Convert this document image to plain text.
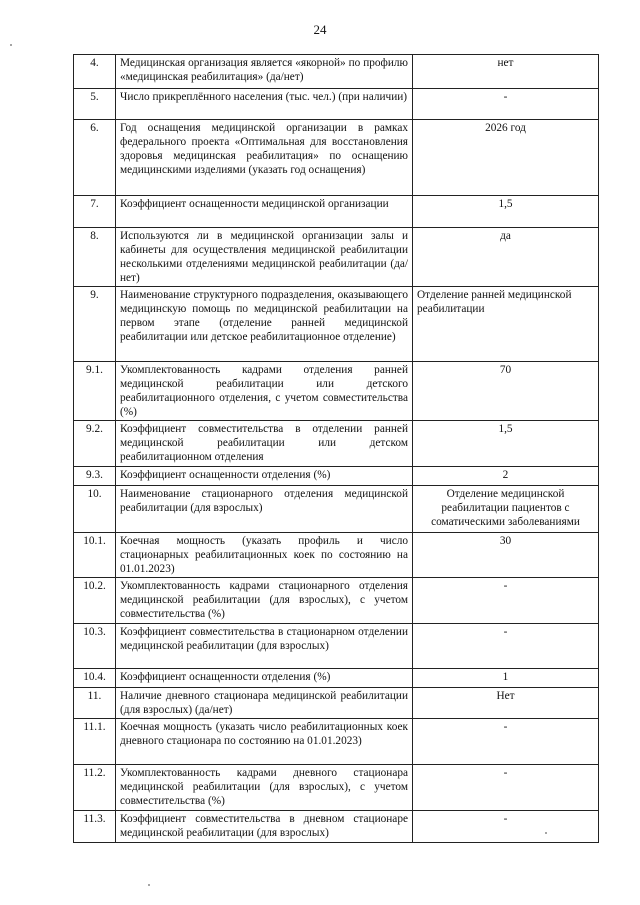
24
4.	Медицинская организация является «якорной» по профилю «медицинская реабилитация» (да/нет)	нет
5.	Число прикреплённого населения (тыс. чел.) (при наличии)	-
6.	Год оснащения медицинской организации в рамках федерального проекта «Оптимальная для восстановления здоровья медицинская реабилитация» по оснащению медицинскими изделиями (указать год оснащения)	2026 год
7.	Коэффициент оснащенности медицинской организации	1,5
8.	Используются ли в медицинской организации залы и кабинеты для осуществления медицинской реабилитации несколькими отделениями медицинской реабилитации (да/нет)	да
9.	Наименование структурного подразделения, оказывающего медицинскую помощь по медицинской реабилитации на первом этапе (отделение ранней медицинской реабилитации или детское реабилитационное отделение)	Отделение ранней медицинской реабилитации
9.1.	Укомплектованность кадрами отделения ранней медицинской реабилитации или детского реабилитационного отделения, с учетом совместительства (%)	70
9.2.	Коэффициент совместительства в отделении ранней медицинской реабилитации или детском реабилитационном отделения	1,5
9.3.	Коэффициент оснащенности отделения (%)	2
10.	Наименование стационарного отделения медицинской реабилитации (для взрослых)	Отделение медицинской реабилитации пациентов с соматическими заболеваниями
10.1.	Коечная мощность (указать профиль и число стационарных реабилитационных коек по состоянию на 01.01.2023)	30
10.2.	Укомплектованность кадрами стационарного отделения медицинской реабилитации (для взрослых), с учетом совместительства (%)	-
10.3.	Коэффициент совместительства в стационарном отделении медицинской реабилитации (для взрослых)	-
10.4.	Коэффициент оснащенности отделения (%)	1
11.	Наличие дневного стационара медицинской реабилитации (для взрослых) (да/нет)	Нет
11.1.	Коечная мощность (указать число реабилитационных коек дневного стационара по состоянию на 01.01.2023)	-
11.2.	Укомплектованность кадрами дневного стационара медицинской реабилитации (для взрослых), с учетом совместительства (%)	-
11.3.	Коэффициент совместительства в дневном стационаре медицинской реабилитации (для взрослых)	-
